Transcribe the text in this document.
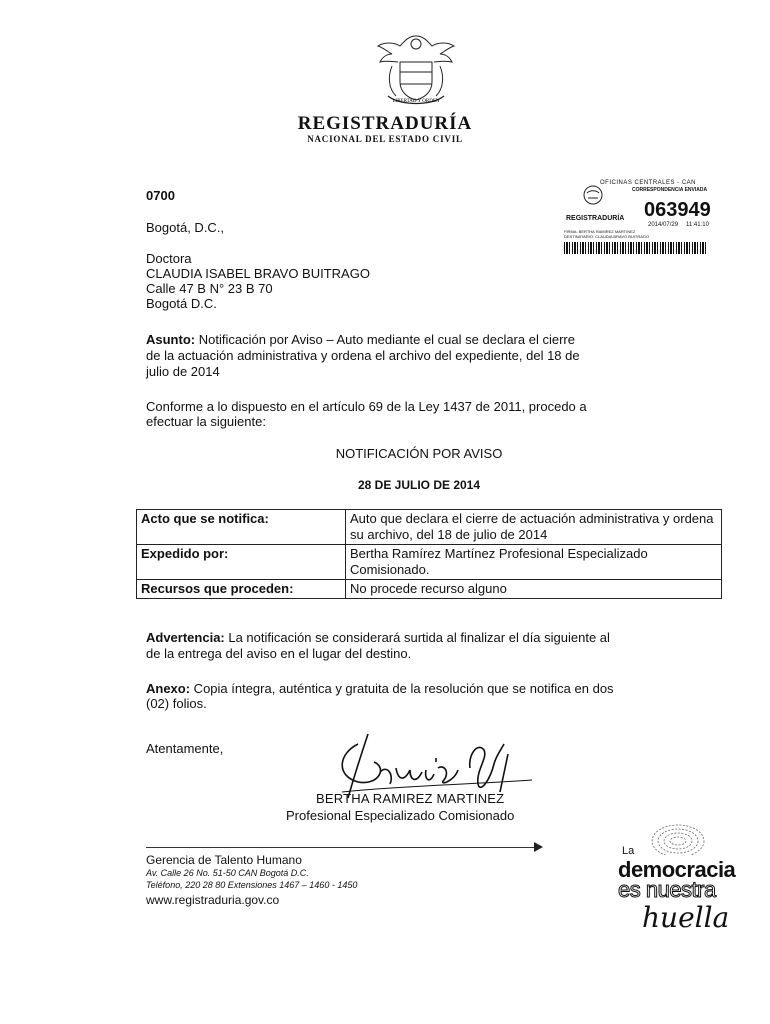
LIBERTAD Y ORDEN
REGISTRADURÍA
NACIONAL DEL ESTADO CIVIL
OFICINAS CENTRALES - CAN
CORRESPONDENCIA ENVIADA
063949
REGISTRADURÍA
2014/07/29 11:41:10
FIRMA: BERTHA RAMIREZ MARTINEZ
DESTINATARIO: CLAUDIA BRAVO BUITRAGO
0700
Bogotá, D.C.,
Doctora
CLAUDIA ISABEL BRAVO BUITRAGO
Calle 47 B N° 23 B 70
Bogotá D.C.
Asunto: Notificación por Aviso – Auto mediante el cual se declara el cierre
de la actuación administrativa y ordena el archivo del expediente, del 18 de
julio de 2014
Conforme a lo dispuesto en el artículo 69 de la Ley 1437 de 2011, procedo a
efectuar la siguiente:
NOTIFICACIÓN POR AVISO
28 DE JULIO DE 2014
Acto que se notifica:	Auto que declara el cierre de actuación administrativa y ordena su archivo, del 18 de julio de 2014
Expedido por:	Bertha Ramírez Martínez Profesional Especializado Comisionado.
Recursos que proceden:	No procede recurso alguno
Advertencia: La notificación se considerará surtida al finalizar el día siguiente al
de la entrega del aviso en el lugar del destino.
Anexo: Copia íntegra, auténtica y gratuita de la resolución que se notifica en dos
(02) folios.
Atentamente,
BERTHA RAMIREZ MARTINEZ
Profesional Especializado Comisionado
Gerencia de Talento Humano
Av. Calle 26 No. 51-50 CAN Bogotá D.C.
Teléfono, 220 28 80 Extensiones 1467 – 1460 - 1450
www.registraduria.gov.co
La
democracia
es nuestra
huella
